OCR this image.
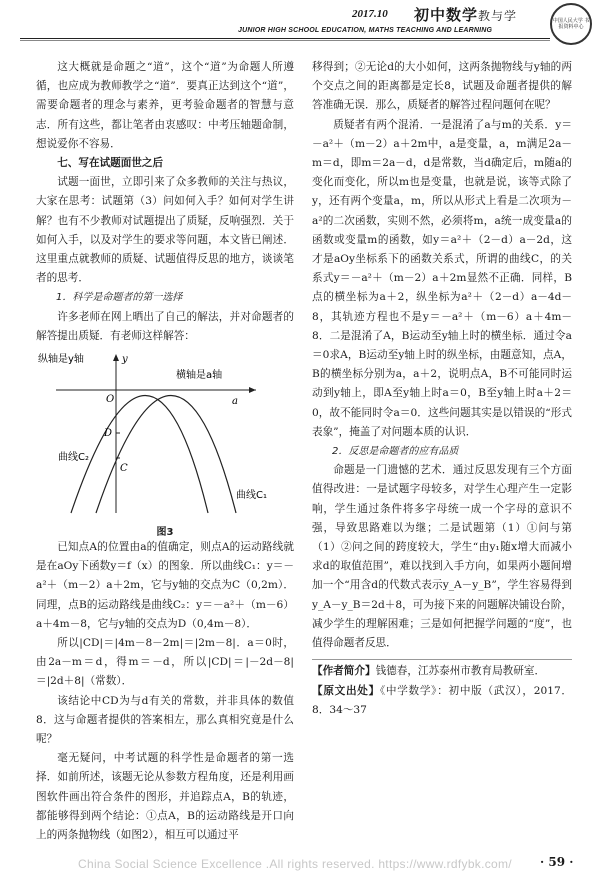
2017.10 初中数学教与学
JUNIOR HIGH SCHOOL EDUCATION, MATHS TEACHING AND LEARNING
中国人民大学 书报资料中心

这大概就是命题之“道”，这个“道”为命题人所遵循，也应成为教师教学之“道”．要真正达到这个“道”，需要命题者的理念与素养，更考验命题者的智慧与意志．所有这些，都让笔者由衷感叹：中考压轴题命制，想说爱你不容易．

七、写在试题面世之后

试题一面世，立即引来了众多教师的关注与热议，大家在思考：试题第（3）问如何入手？如何对学生讲解？也有不少教师对试题提出了质疑，反响强烈．关于如何入手，以及对学生的要求等问题，本文皆已阐述．这里重点就教师的质疑、试题值得反思的地方，谈谈笔者的思考．

1．科学是命题者的第一选择

许多老师在网上晒出了自己的解法，并对命题者的解答提出质疑．有老师这样解答：

纵轴是y轴
横轴是a轴
y
a
O
D
C
曲线C₂
曲线C₁

图3

已知点A的位置由a的值确定，则点A的运动路线就是在aOy下函数y＝f（x）的图象．所以曲线C₁：y＝－a²＋（m－2）a＋2m，它与y轴的交点为C（0,2m）．同理，点B的运动路线是曲线C₂：y＝－a²＋（m－6）a＋4m－8，它与y轴的交点为D（0,4m－8）．

所以|CD|＝|4m－8－2m|＝|2m－8|．a＝0时，由2a－m＝d，得m＝－d，所以|CD|＝|－2d－8|＝|2d＋8|（常数）．

该结论中CD为与d有关的常数，并非具体的数值8．这与命题者提供的答案相左，那么真相究竟是什么呢？

毫无疑问，中考试题的科学性是命题者的第一选择．如前所述，该题无论从参数方程角度，还是利用画图软件画出符合条件的图形，并追踪点A，B的轨迹，都能够得到两个结论：①点A，B的运动路线是开口向上的两条抛物线（如图2），相互可以通过平

移得到；②无论d的大小如何，这两条抛物线与y轴的两个交点之间的距离都是定长8，试题及命题者提供的解答准确无误．那么，质疑者的解答过程问题何在呢？

质疑者有两个混淆．一是混淆了a与m的关系．y＝－a²＋（m－2）a＋2m中，a是变量，a，m满足2a－m＝d，即m＝2a－d，d是常数，当d确定后，m随a的变化而变化，所以m也是变量，也就是说，该等式除了y，还有两个变量a，m，所以从形式上看是二次项为－a²的二次函数，实则不然，必须将m，a统一成变量a的函数或变量m的函数，如y＝a²＋（2－d）a－2d，这才是aOy坐标系下的函数关系式，所谓的曲线C，的关系式y＝－a²＋（m－2）a＋2m显然不正确．同样，B点的横坐标为a＋2，纵坐标为a²＋（2－d）a－4d－8，其轨迹方程也不是y＝－a²＋（m－6）a＋4m－8．二是混淆了A，B运动至y轴上时的横坐标．通过令a＝0求A，B运动至y轴上时的纵坐标，由题意知，点A，B的横坐标分别为a，a＋2，说明点A，B不可能同时运动到y轴上，即A至y轴上时a＝0，B至y轴上时a＋2＝0，故不能同时令a＝0．这些问题其实是以错误的“形式表象”，掩盖了对问题本质的认识．

2．反思是命题者的应有品质

命题是一门遗憾的艺术．通过反思发现有三个方面值得改进：一是试题字母较多，对学生心理产生一定影响，学生通过条件将多字母统一成一个字母的意识不强，导致思路难以为继；二是试题第（1）①问与第（1）②问之间的跨度较大，学生“由y₁随x增大而减小求d的取值范围”，难以找到入手方向，如果两小题间增加一个“用含d的代数式表示y_A－y_B”，学生容易得到y_A－y_B＝2d＋8，可为接下来的问题解决铺设台阶，减少学生的理解困难；三是如何把握学问题的“度”，也值得命题者反思．

【作者简介】钱德春，江苏泰州市教育局教研室．

【原文出处】《中学数学》：初中版（武汉），2017．8．34～37

China Social Science Excellence .All rights reserved. https://www.rdfybk.com/ · 59 ·
